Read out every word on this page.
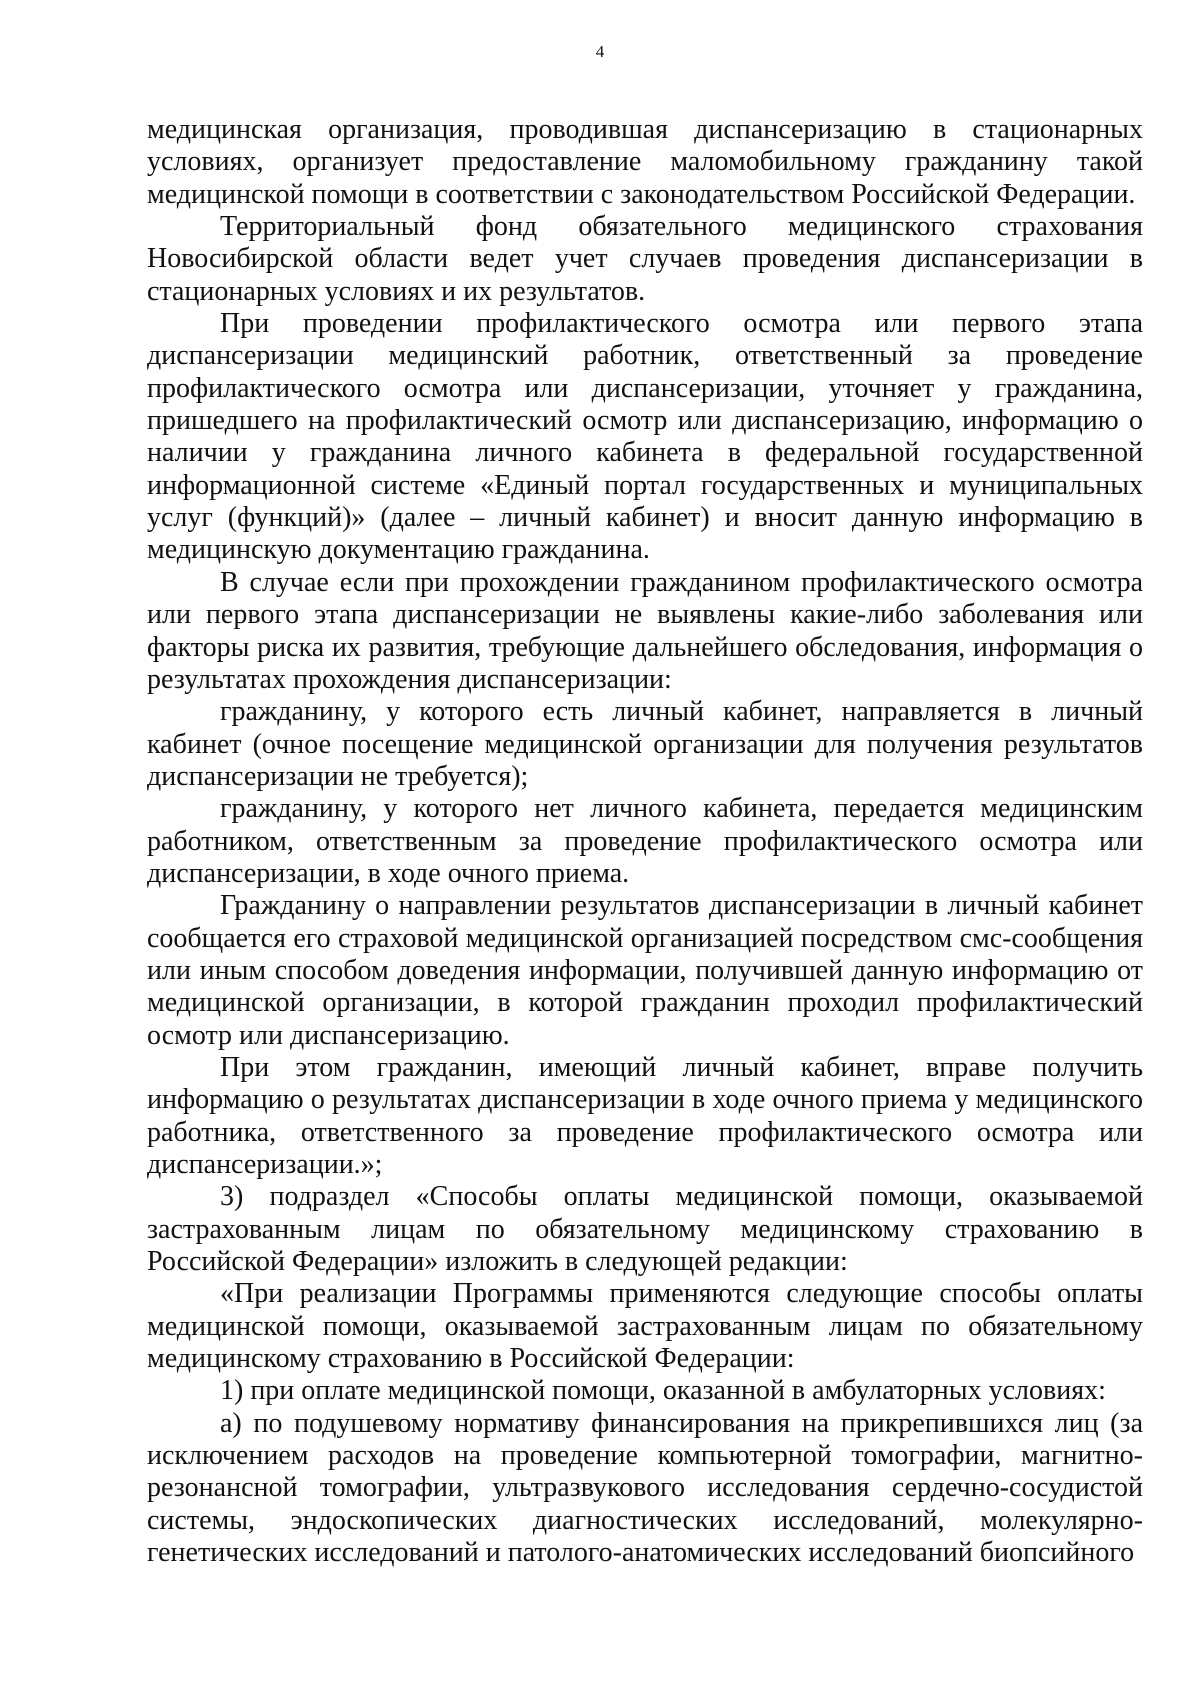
4

медицинская организация, проводившая диспансеризацию в стационарных условиях, организует предоставление маломобильному гражданину такой медицинской помощи в соответствии с законодательством Российской Федерации.

Территориальный фонд обязательного медицинского страхования Новосибирской области ведет учет случаев проведения диспансеризации в стационарных условиях и их результатов.

При проведении профилактического осмотра или первого этапа диспансеризации медицинский работник, ответственный за проведение профилактического осмотра или диспансеризации, уточняет у гражданина, пришедшего на профилактический осмотр или диспансеризацию, информацию о наличии у гражданина личного кабинета в федеральной государственной информационной системе «Единый портал государственных и муниципальных услуг (функций)» (далее – личный кабинет) и вносит данную информацию в медицинскую документацию гражданина.

В случае если при прохождении гражданином профилактического осмотра или первого этапа диспансеризации не выявлены какие-либо заболевания или факторы риска их развития, требующие дальнейшего обследования, информация о результатах прохождения диспансеризации:

гражданину, у которого есть личный кабинет, направляется в личный кабинет (очное посещение медицинской организации для получения результатов диспансеризации не требуется);

гражданину, у которого нет личного кабинета, передается медицинским работником, ответственным за проведение профилактического осмотра или диспансеризации, в ходе очного приема.

Гражданину о направлении результатов диспансеризации в личный кабинет сообщается его страховой медицинской организацией посредством смс-сообщения или иным способом доведения информации, получившей данную информацию от медицинской организации, в которой гражданин проходил профилактический осмотр или диспансеризацию.

При этом гражданин, имеющий личный кабинет, вправе получить информацию о результатах диспансеризации в ходе очного приема у медицинского работника, ответственного за проведение профилактического осмотра или диспансеризации.»;

3) подраздел «Способы оплаты медицинской помощи, оказываемой застрахованным лицам по обязательному медицинскому страхованию в Российской Федерации» изложить в следующей редакции:

«При реализации Программы применяются следующие способы оплаты медицинской помощи, оказываемой застрахованным лицам по обязательному медицинскому страхованию в Российской Федерации:

1) при оплате медицинской помощи, оказанной в амбулаторных условиях:

а) по подушевому нормативу финансирования на прикрепившихся лиц (за исключением расходов на проведение компьютерной томографии, магнитно-резонансной томографии, ультразвукового исследования сердечно-сосудистой системы, эндоскопических диагностических исследований, молекулярно-генетических исследований и патолого-анатомических исследований биопсийного
